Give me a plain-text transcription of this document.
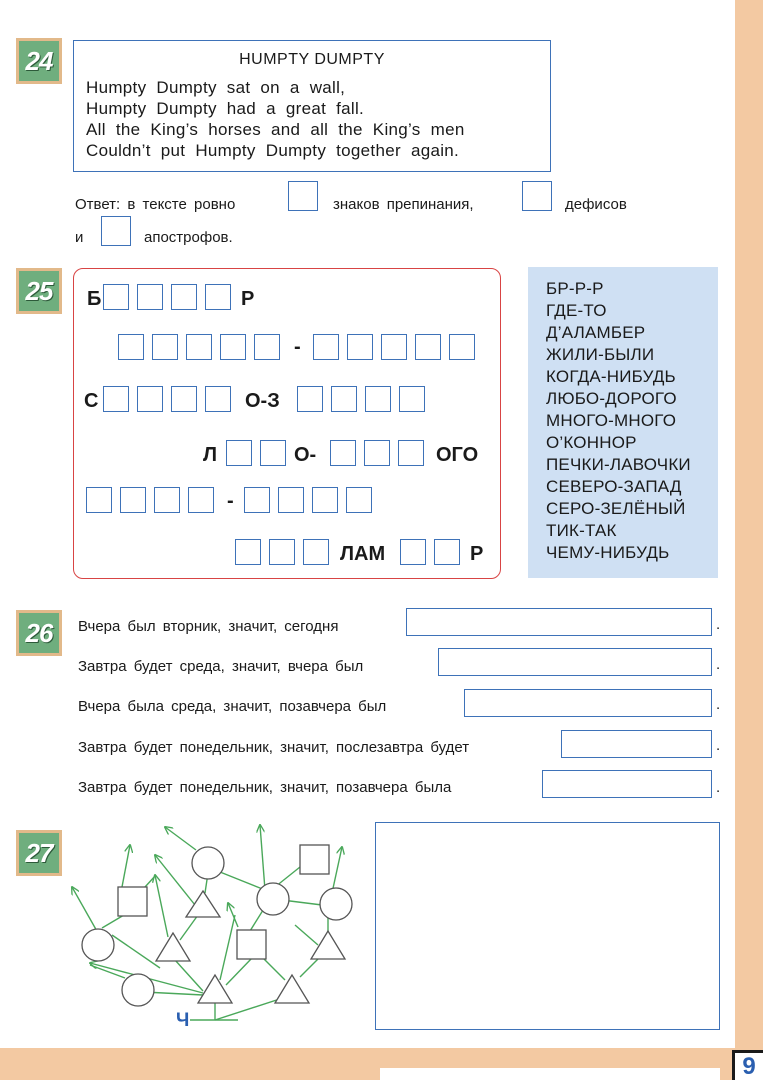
9
24	HUMPTY DUMPTY
Humpty Dumpty sat on a wall,
Humpty Dumpty had a great fall.
All the King’s horses and all the King’s men
Couldn’t put Humpty Dumpty together again.
Ответ: в тексте ровно	знаков препинания,	дефисов
и	апострофов.
25	Б	Р
-
С	О-З
Л	О-	ОГО
-
ЛАМ	Р
БР-Р-Р
ГДЕ-ТО
Д’АЛАМБЕР
ЖИЛИ-БЫЛИ
КОГДА-НИБУДЬ
ЛЮБО-ДОРОГО
МНОГО-МНОГО
О’КОННОР
ПЕЧКИ-ЛАВОЧКИ
СЕВЕРО-ЗАПАД
СЕРО-ЗЕЛЁНЫЙ
ТИК-ТАК
ЧЕМУ-НИБУДЬ
26	Вчера был вторник, значит, сегодня	.
Завтра будет среда, значит, вчера был	.
Вчера была среда, значит, позавчера был	.
Завтра будет понедельник, значит, послезавтра будет	.
Завтра будет понедельник, значит, позавчера была	.
27
Ч
